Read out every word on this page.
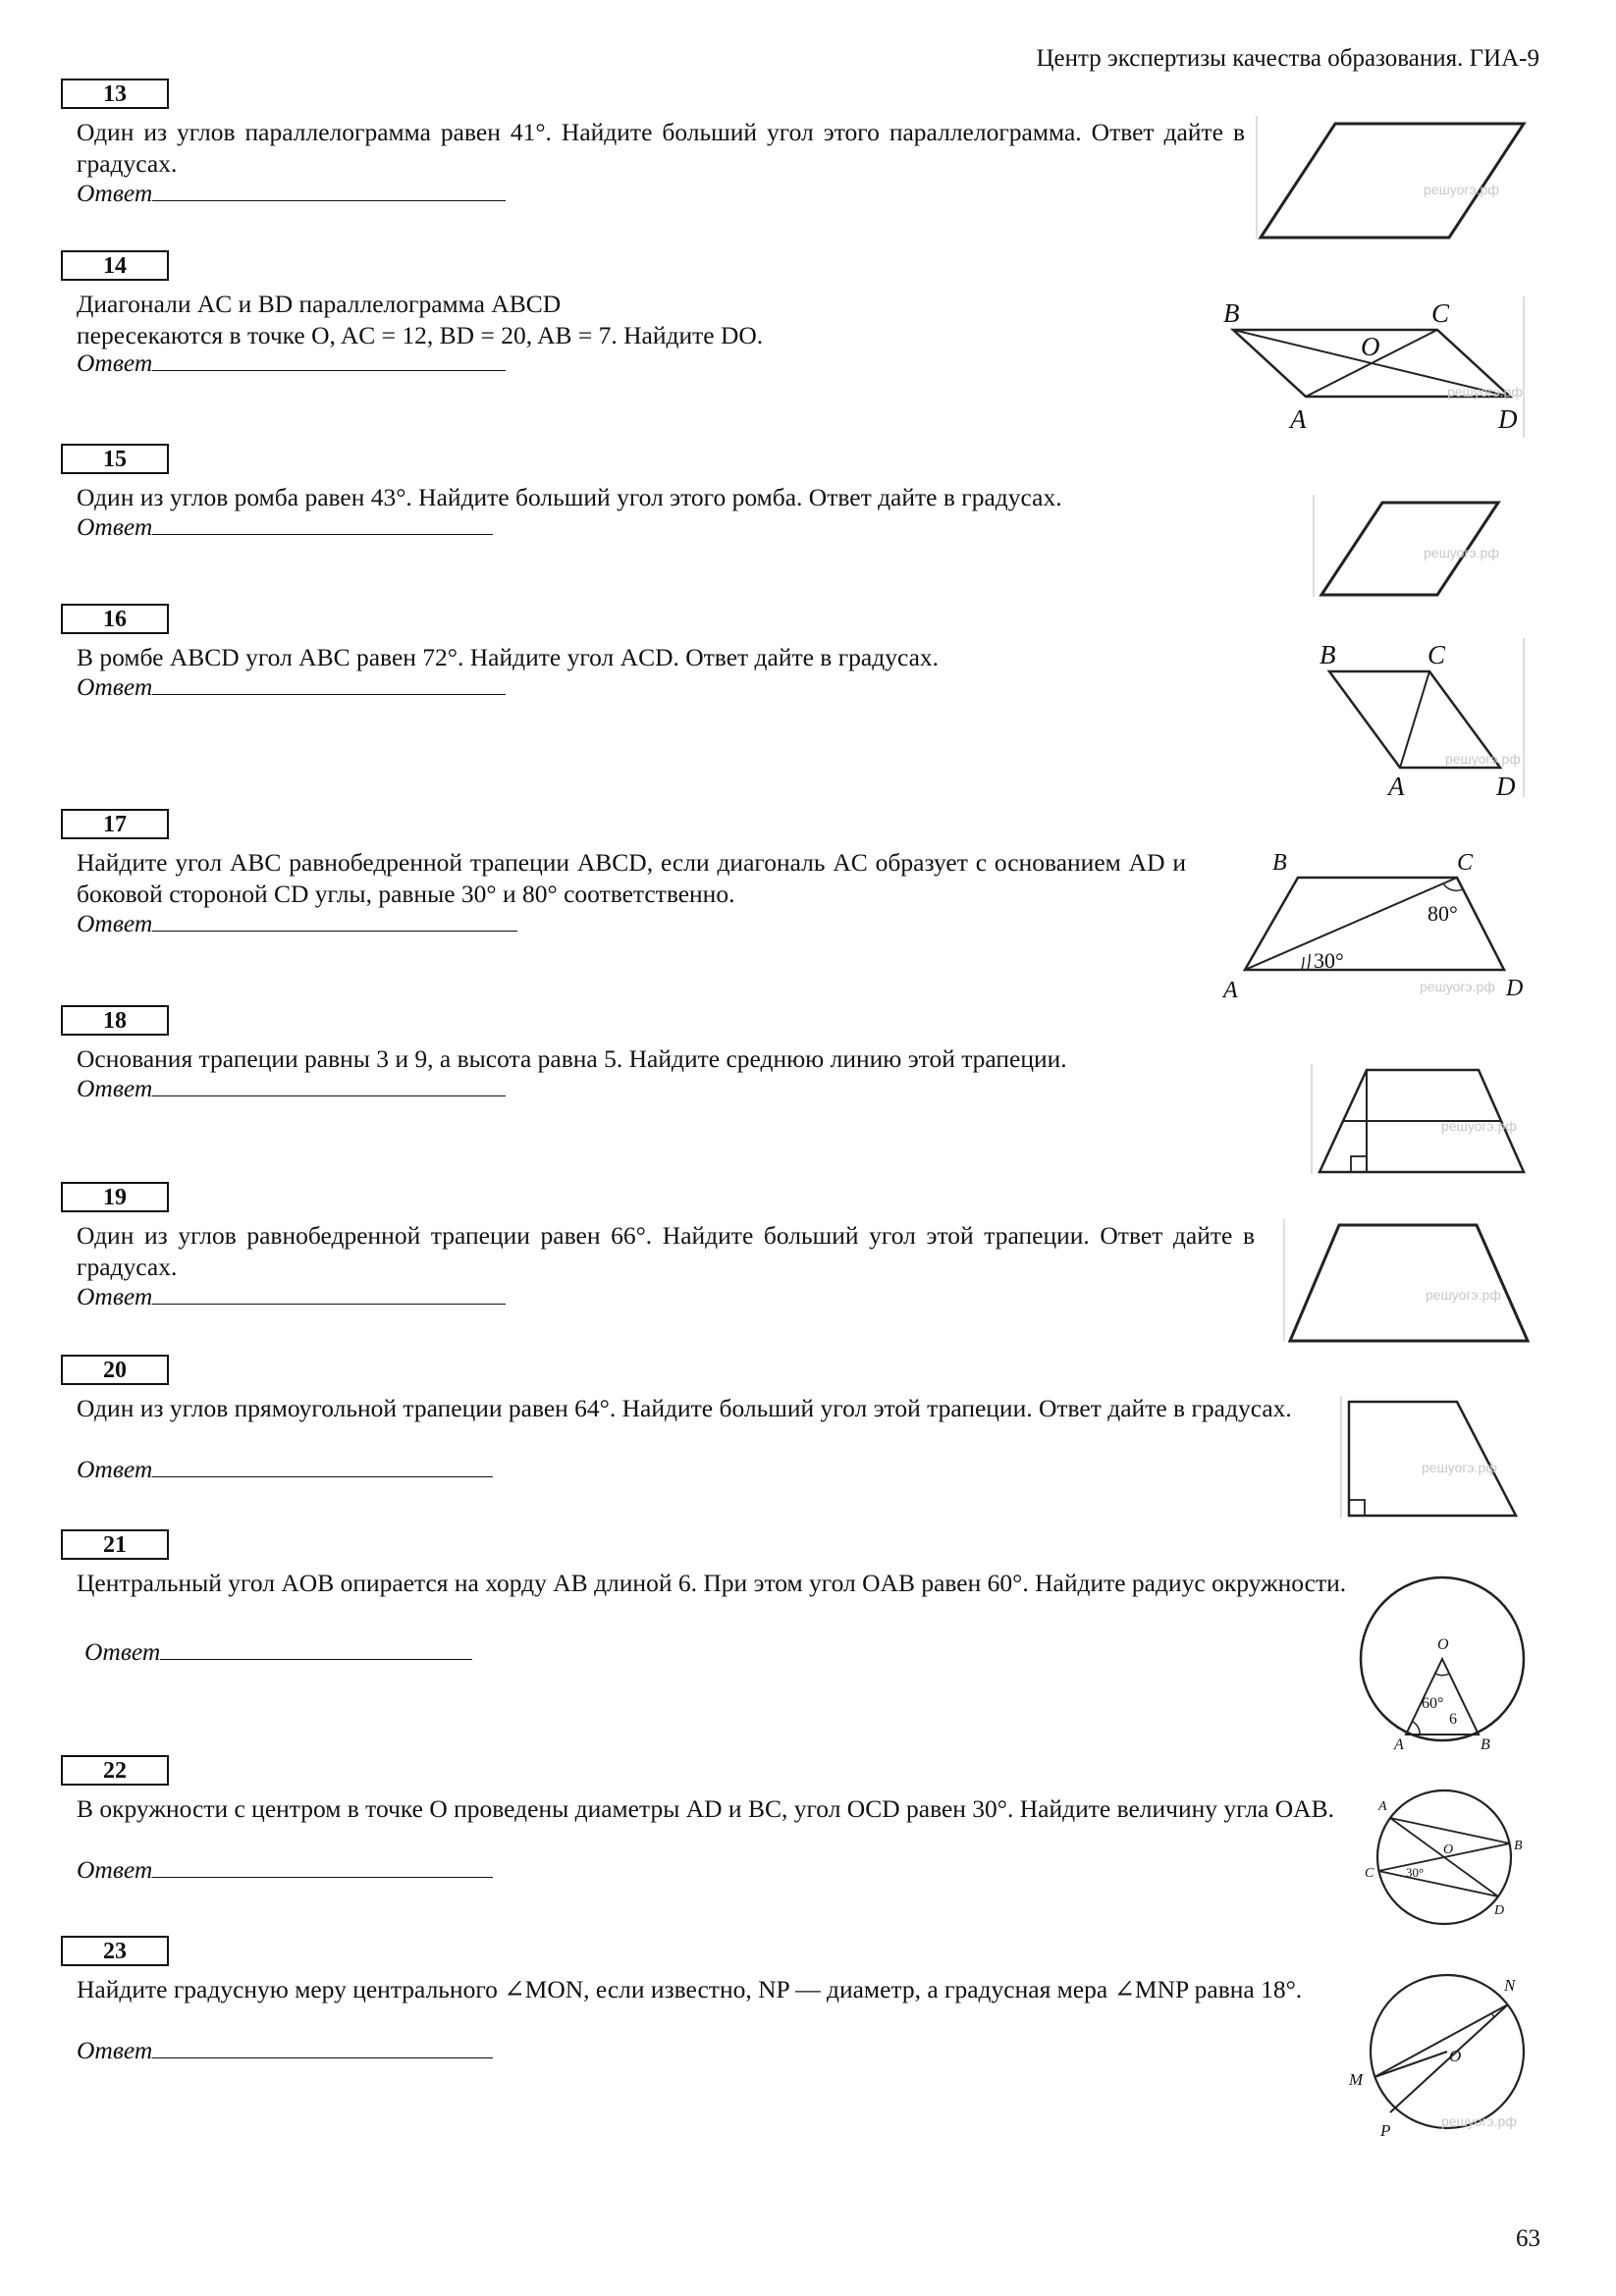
Центр экспертизы качества образования. ГИА-9
13
Один из углов параллелограмма равен 41°. Найдите больший угол этого параллелограмма. Ответ дайте в градусах.
Ответ	решуогэ.рф
14
Диагонали AC и BD параллелограмма ABCD
пересекаются в точке O, AC = 12, BD = 20, AB = 7. Найдите DO.
Ответ
B	C
O
A	D
решуогэ.рф
15
Один из углов ромба равен 43°. Найдите больший угол этого ромба. Ответ дайте в градусах.
Ответ
решуогэ.рф
16
В ромбе ABCD угол ABC равен 72°. Найдите угол ACD. Ответ дайте в градусах.
Ответ
B	C
A	D
решуогэ.рф
17
Найдите угол ABC равнобедренной трапеции ABCD, если диагональ AC образует с основанием AD и боковой стороной CD углы, равные 30° и 80° соответственно.
Ответ
B	C
A	D
80°
30°
решуогэ.рф
18
Основания трапеции равны 3 и 9, а высота равна 5. Найдите среднюю линию этой трапеции.
Ответ
решуогэ.рф
19
Один из углов равнобедренной трапеции равен 66°. Найдите больший угол этой трапеции. Ответ дайте в градусах.
Ответ	решуогэ.рф
20
Один из углов прямоугольной трапеции равен 64°. Найдите больший угол этой трапеции. Ответ дайте в градусах.
Ответ	решуогэ.рф
21
Центральный угол AOB опирается на хорду AB длиной 6. При этом угол OAB равен 60°. Найдите радиус окружности.
Ответ	O
A	B
60°
6
22
В окружности с центром в точке O проведены диаметры AD и BC, угол OCD равен 30°. Найдите величину угла OAB.
Ответ
A
B
C
D
O
30°
23
Найдите градусную меру центрального ∠MON, если известно, NP — диаметр, а градусная мера ∠MNP равна 18°.
Ответ
N
M
O
P	решуогэ.рф
63
